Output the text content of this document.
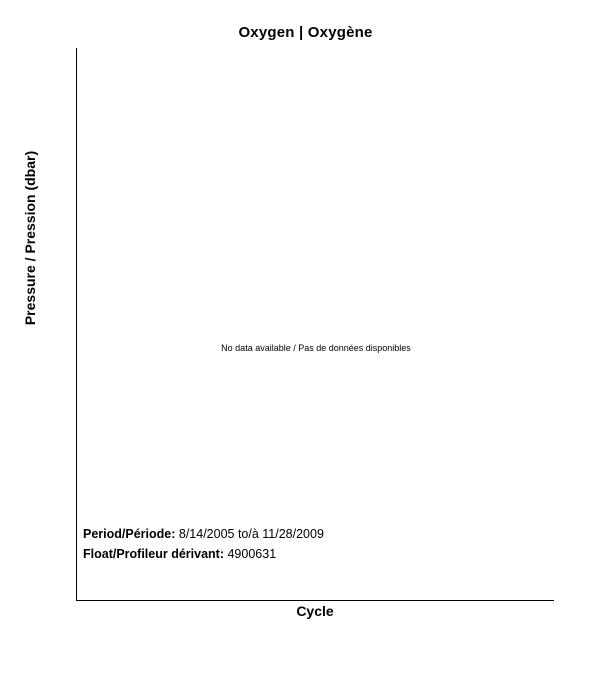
Oxygen | Oxygène
No data available / Pas de données disponibles
Period/Période: 8/14/2005 to/à 11/28/2009
Float/Profileur dérivant: 4900631
Pressure / Pression (dbar)
Cycle
